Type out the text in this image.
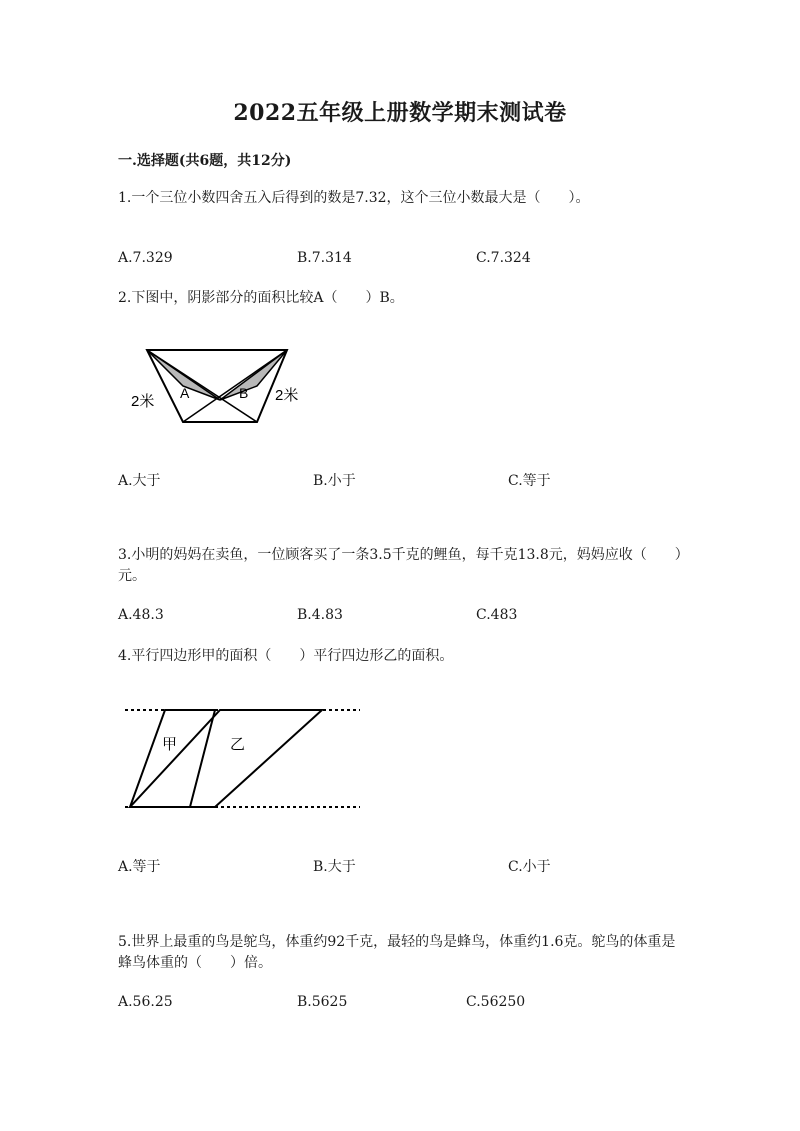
2022五年级上册数学期末测试卷
一.选择题(共6题，共12分)
1.一个三位小数四舍五入后得到的数是7.32，这个三位小数最大是（　　）。
A.7.329	B.7.314	C.7.324
2.下图中，阴影部分的面积比较A（　　）B。
A	B
2米	2米
A.大于	B.小于	C.等于
3.小明的妈妈在卖鱼，一位顾客买了一条3.5千克的鲤鱼，每千克13.8元，妈妈应收（　　）元。
A.48.3	B.4.83	C.483
4.平行四边形甲的面积（　　）平行四边形乙的面积。
甲	乙
A.等于	B.大于	C.小于
5.世界上最重的鸟是鸵鸟，体重约92千克，最轻的鸟是蜂鸟，体重约1.6克。鸵鸟的体重是蜂鸟体重的（　　）倍。
A.56.25	B.5625	C.56250
